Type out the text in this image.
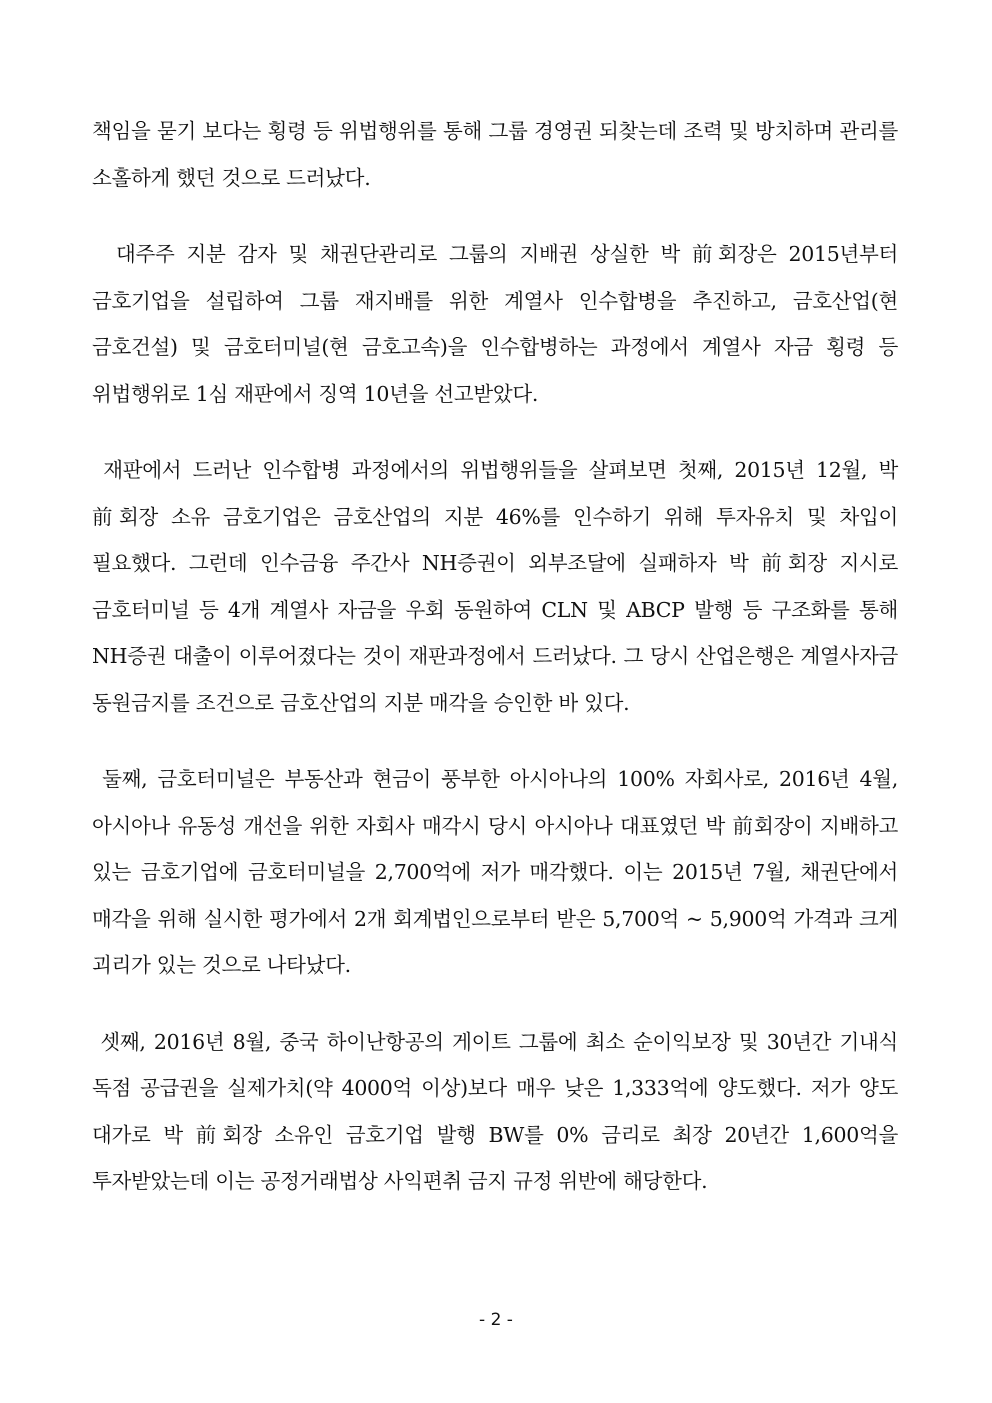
책임을 묻기 보다는 횡령 등 위법행위를 통해 그룹 경영권 되찾는데 조력 및 방치하며 관리를 소홀하게 했던 것으로 드러났다.

대주주 지분 감자 및 채권단관리로 그룹의 지배권 상실한 박 前회장은 2015년부터 금호기업을 설립하여 그룹 재지배를 위한 계열사 인수합병을 추진하고, 금호산업(현 금호건설) 및 금호터미널(현 금호고속)을 인수합병하는 과정에서 계열사 자금 횡령 등 위법행위로 1심 재판에서 징역 10년을 선고받았다.

재판에서 드러난 인수합병 과정에서의 위법행위들을 살펴보면 첫째, 2015년 12월, 박 前회장 소유 금호기업은 금호산업의 지분 46%를 인수하기 위해 투자유치 및 차입이 필요했다. 그런데 인수금융 주간사 NH증권이 외부조달에 실패하자 박 前회장 지시로 금호터미널 등 4개 계열사 자금을 우회 동원하여 CLN 및 ABCP 발행 등 구조화를 통해 NH증권 대출이 이루어졌다는 것이 재판과정에서 드러났다. 그 당시 산업은행은 계열사자금 동원금지를 조건으로 금호산업의 지분 매각을 승인한 바 있다.

둘째, 금호터미널은 부동산과 현금이 풍부한 아시아나의 100% 자회사로, 2016년 4월, 아시아나 유동성 개선을 위한 자회사 매각시 당시 아시아나 대표였던 박 前회장이 지배하고 있는 금호기업에 금호터미널을 2,700억에 저가 매각했다. 이는 2015년 7월, 채권단에서 매각을 위해 실시한 평가에서 2개 회계법인으로부터 받은 5,700억 ~ 5,900억 가격과 크게 괴리가 있는 것으로 나타났다.

셋째, 2016년 8월, 중국 하이난항공의 게이트 그룹에 최소 순이익보장 및 30년간 기내식 독점 공급권을 실제가치(약 4000억 이상)보다 매우 낮은 1,333억에 양도했다. 저가 양도 대가로 박 前회장 소유인 금호기업 발행 BW를 0% 금리로 최장 20년간 1,600억을 투자받았는데 이는 공정거래법상 사익편취 금지 규정 위반에 해당한다.

- 2 -
